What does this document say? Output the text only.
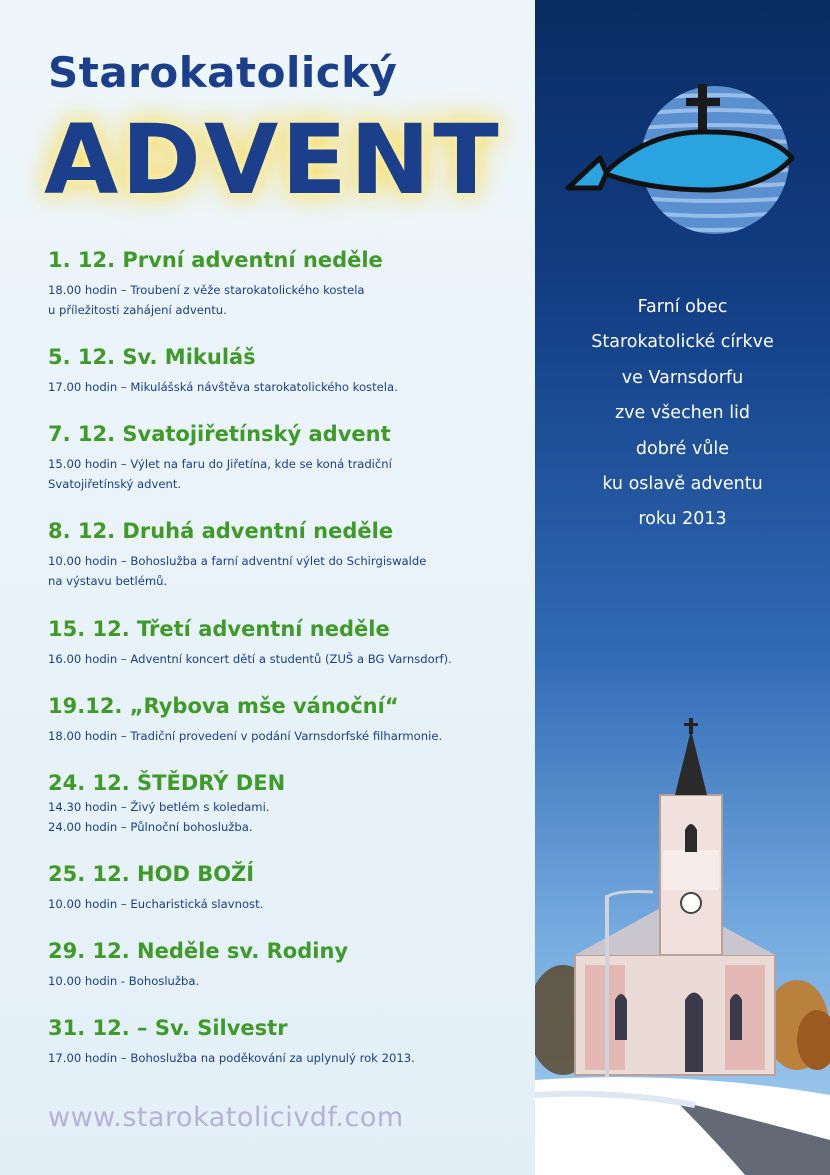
Starokatolický
ADVENT
1. 12. První adventní neděle
18.00 hodin – Troubení z věže starokatolického kostela
u příležitosti zahájení adventu.
5. 12. Sv. Mikuláš
17.00 hodin – Mikulášská návštěva starokatolického kostela.
7. 12. Svatojiřetínský advent
15.00 hodin – Výlet na faru do Jiřetína, kde se koná tradiční
Svatojiřetínský advent.
8. 12. Druhá adventní neděle
10.00 hodin – Bohoslužba a farní adventní výlet do Schirgiswalde
na výstavu betlémů.
15. 12. Třetí adventní neděle
16.00 hodin – Adventní koncert dětí a studentů (ZUŠ a BG Varnsdorf).
19.12. „Rybova mše vánoční“
18.00 hodin – Tradiční provedení v podání Varnsdorfské filharmonie.
24. 12. ŠTĚDRÝ DEN
14.30 hodin – Živý betlém s koledami.
24.00 hodin – Půlnoční bohoslužba.
25. 12. HOD BOŽÍ
10.00 hodin – Eucharistická slavnost.
29. 12. Neděle sv. Rodiny
10.00 hodin - Bohoslužba.
31. 12. – Sv. Silvestr
17.00 hodin – Bohoslužba na poděkování za uplynulý rok 2013.
www.starokatolicivdf.com
Farní obec
Starokatolické církve
ve Varnsdorfu
zve všechen lid
dobré vůle
ku oslavě adventu
roku 2013
